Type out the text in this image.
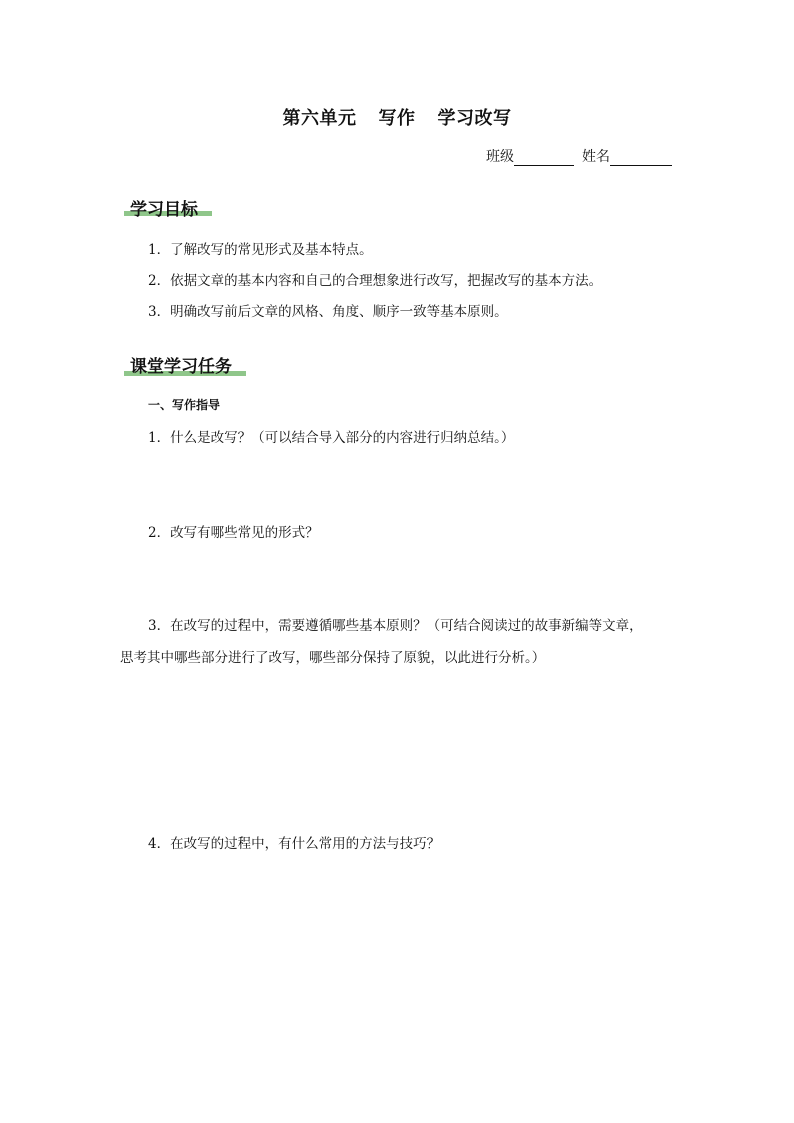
第六单元 写作 学习改写
班级	姓名
学习目标
1．了解改写的常见形式及基本特点。
2．依据文章的基本内容和自己的合理想象进行改写，把握改写的基本方法。
3．明确改写前后文章的风格、角度、顺序一致等基本原则。
课堂学习任务
一、写作指导
1．什么是改写？（可以结合导入部分的内容进行归纳总结。）
2．改写有哪些常见的形式？
3．在改写的过程中，需要遵循哪些基本原则？（可结合阅读过的故事新编等文章，
思考其中哪些部分进行了改写，哪些部分保持了原貌，以此进行分析。）
4．在改写的过程中，有什么常用的方法与技巧？
